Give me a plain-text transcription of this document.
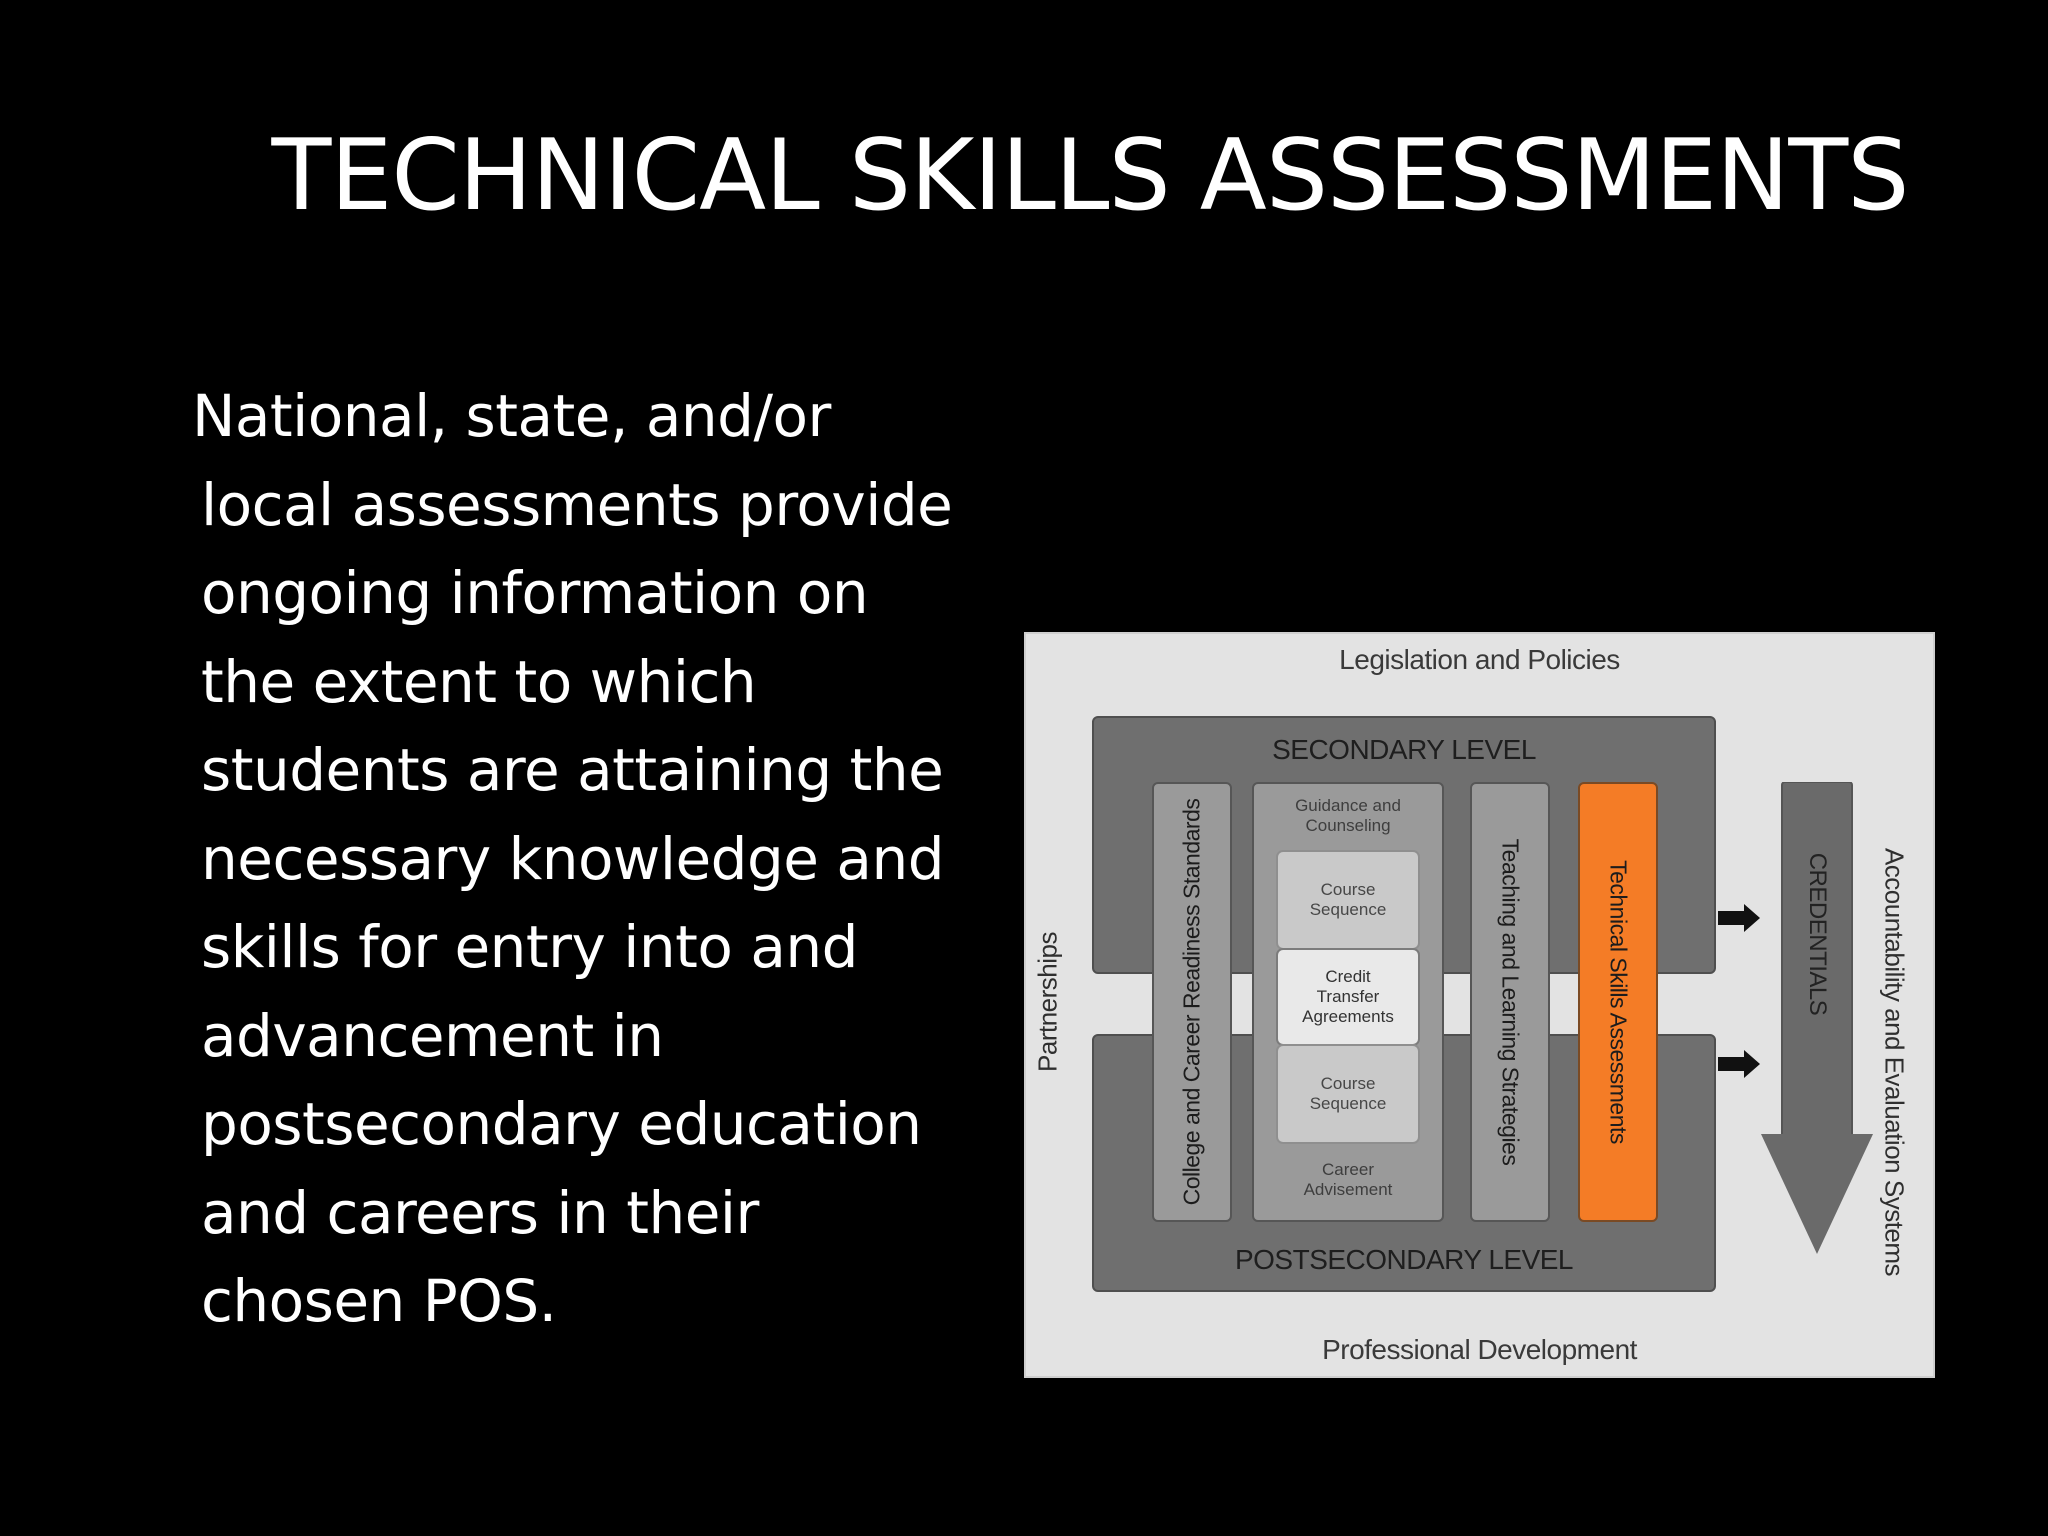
TECHNICAL SKILLS ASSESSMENTS
National, state, and/or
local assessments provide
ongoing information on
the extent to which
students are attaining the
necessary knowledge and
skills for entry into and
advancement in
postsecondary education
and careers in their
chosen POS.
Legislation and Policies
SECONDARY LEVEL
POSTSECONDARY LEVEL
College and Career Readiness Standards	Guidance and Counseling
Course Sequence
Credit Transfer Agreements
Course Sequence
Career Advisement
Teaching and Learning Strategies	Technical Skills Assessments	CREDENTIALS
Partnerships	Accountability and Evaluation Systems
Professional Development
